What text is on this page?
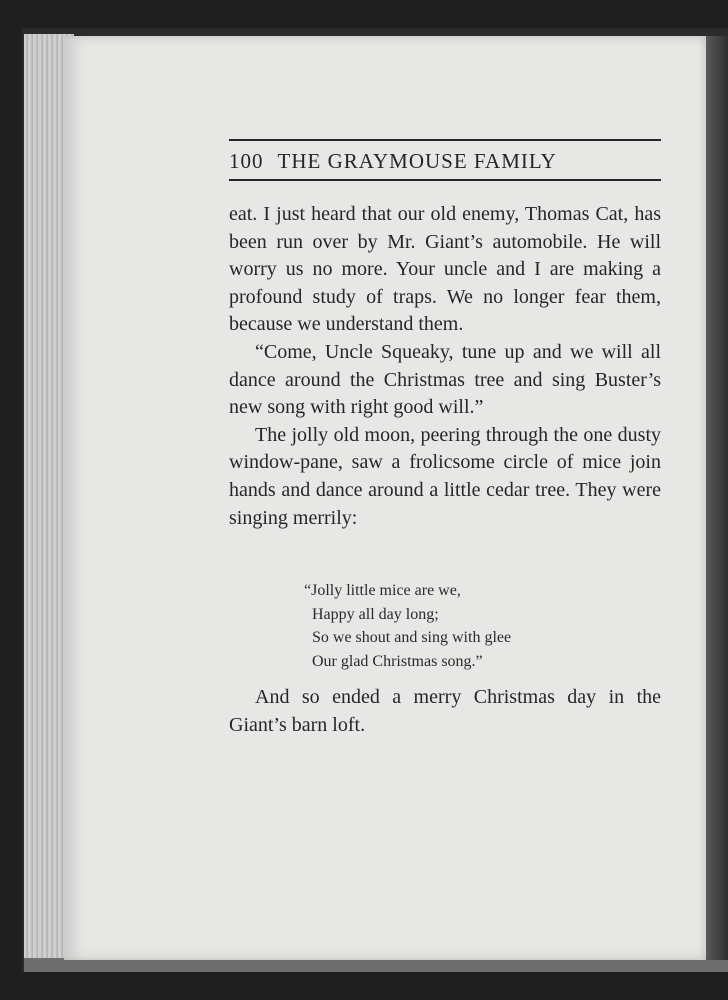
100 THE GRAYMOUSE FAMILY

eat. I just heard that our old enemy, Thomas Cat, has been run over by Mr. Giant’s automobile. He will worry us no more. Your uncle and I are making a profound study of traps. We no longer fear them, because we understand them.

“Come, Uncle Squeaky, tune up and we will all dance around the Christmas tree and sing Buster’s new song with right good will.”

The jolly old moon, peering through the one dusty window-pane, saw a frolicsome circle of mice join hands and dance around a little cedar tree. They were singing merrily:

“Jolly little mice are we,
Happy all day long;
So we shout and sing with glee
Our glad Christmas song.”

And so ended a merry Christmas day in the Giant’s barn loft.
